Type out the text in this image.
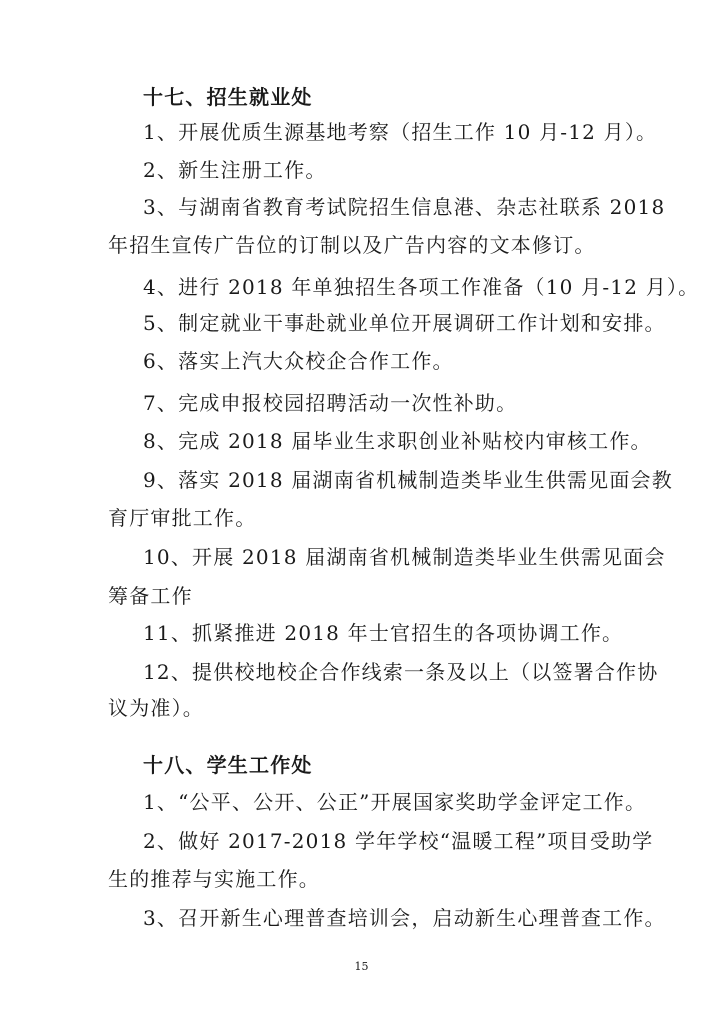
十七、招生就业处
1、开展优质生源基地考察（招生工作 10 月-12 月）。
2、新生注册工作。
3、与湖南省教育考试院招生信息港、杂志社联系 2018
年招生宣传广告位的订制以及广告内容的文本修订。
4、进行 2018 年单独招生各项工作准备（10 月-12 月）。
5、制定就业干事赴就业单位开展调研工作计划和安排。
6、落实上汽大众校企合作工作。
7、完成申报校园招聘活动一次性补助。
8、完成 2018 届毕业生求职创业补贴校内审核工作。
9、落实 2018 届湖南省机械制造类毕业生供需见面会教
育厅审批工作。
10、开展 2018 届湖南省机械制造类毕业生供需见面会
筹备工作
11、抓紧推进 2018 年士官招生的各项协调工作。
12、提供校地校企合作线索一条及以上（以签署合作协
议为准）。
十八、学生工作处
1、“公平、公开、公正”开展国家奖助学金评定工作。
2、做好 2017-2018 学年学校“温暖工程”项目受助学
生的推荐与实施工作。
3、召开新生心理普查培训会，启动新生心理普查工作。
15
